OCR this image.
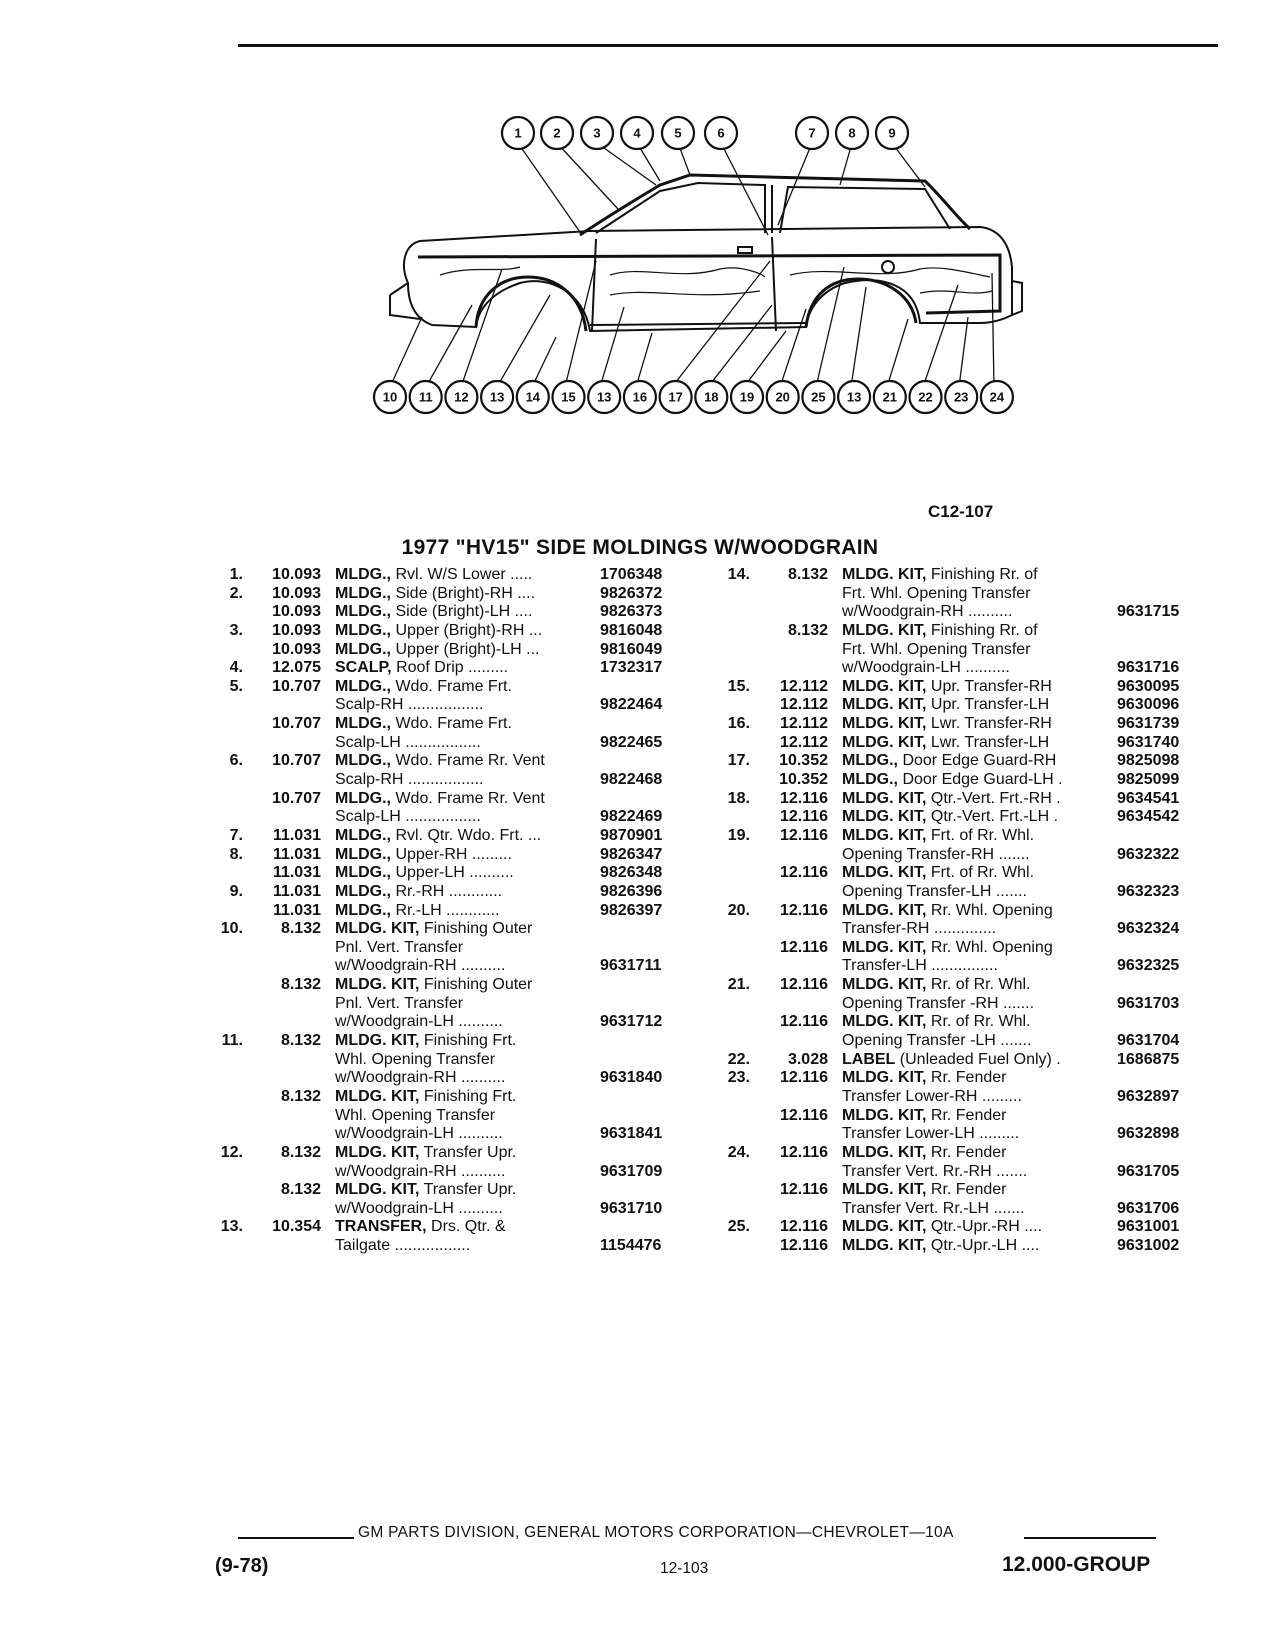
1 2	3	4	5	6	7	8	9
10 11 12 13 14 15 13 16 17 18 19 20 25 13 21 22 23 24
C12-107
1977 "HV15" SIDE MOLDINGS W/WOODGRAIN
1.	10.093 MLDG., Rvl. W/S Lower .....	1706348
2.	10.093 MLDG., Side (Bright)-RH ....	9826372
10.093 MLDG., Side (Bright)-LH ....	9826373
3.	10.093 MLDG., Upper (Bright)-RH ...	9816048
10.093 MLDG., Upper (Bright)-LH ...	9816049
4.	12.075 SCALP, Roof Drip .........	1732317
5.	10.707 MLDG., Wdo. Frame Frt.
Scalp-RH .................	9822464
10.707 MLDG., Wdo. Frame Frt.
Scalp-LH .................	9822465
6.	10.707 MLDG., Wdo. Frame Rr. Vent
Scalp-RH .................	9822468
10.707 MLDG., Wdo. Frame Rr. Vent
Scalp-LH .................	9822469
7.	11.031 MLDG., Rvl. Qtr. Wdo. Frt. ...	9870901
8.	11.031 MLDG., Upper-RH .........	9826347
11.031 MLDG., Upper-LH ..........	9826348
9.	11.031 MLDG., Rr.-RH ............	9826396
11.031 MLDG., Rr.-LH ............	9826397
10.	8.132 MLDG. KIT, Finishing Outer
Pnl. Vert. Transfer
w/Woodgrain-RH ..........	9631711
8.132 MLDG. KIT, Finishing Outer
Pnl. Vert. Transfer
w/Woodgrain-LH ..........	9631712
11.	8.132 MLDG. KIT, Finishing Frt.
Whl. Opening Transfer
w/Woodgrain-RH ..........	9631840
8.132 MLDG. KIT, Finishing Frt.
Whl. Opening Transfer
w/Woodgrain-LH ..........	9631841
12.	8.132 MLDG. KIT, Transfer Upr.
w/Woodgrain-RH ..........	9631709
8.132 MLDG. KIT, Transfer Upr.
w/Woodgrain-LH ..........	9631710
13.	10.354 TRANSFER, Drs. Qtr. &
Tailgate .................	1154476
14.	8.132 MLDG. KIT, Finishing Rr. of
Frt. Whl. Opening Transfer
w/Woodgrain-RH ..........	9631715
8.132 MLDG. KIT, Finishing Rr. of
Frt. Whl. Opening Transfer
w/Woodgrain-LH ..........	9631716
15.	12.112 MLDG. KIT, Upr. Transfer-RH	9630095
12.112 MLDG. KIT, Upr. Transfer-LH	9630096
16.	12.112 MLDG. KIT, Lwr. Transfer-RH	9631739
12.112 MLDG. KIT, Lwr. Transfer-LH	9631740
17.	10.352 MLDG., Door Edge Guard-RH	9825098
10.352 MLDG., Door Edge Guard-LH .	9825099
18.	12.116 MLDG. KIT, Qtr.-Vert. Frt.-RH .	9634541
12.116 MLDG. KIT, Qtr.-Vert. Frt.-LH .	9634542
19.	12.116 MLDG. KIT, Frt. of Rr. Whl.
Opening Transfer-RH .......	9632322
12.116 MLDG. KIT, Frt. of Rr. Whl.
Opening Transfer-LH .......	9632323
20.	12.116 MLDG. KIT, Rr. Whl. Opening
Transfer-RH ..............	9632324
12.116 MLDG. KIT, Rr. Whl. Opening
Transfer-LH ...............	9632325
21.	12.116 MLDG. KIT, Rr. of Rr. Whl.
Opening Transfer -RH .......	9631703
12.116 MLDG. KIT, Rr. of Rr. Whl.
Opening Transfer -LH .......	9631704
22.	3.028 LABEL (Unleaded Fuel Only) .	1686875
23.	12.116 MLDG. KIT, Rr. Fender
Transfer Lower-RH .........	9632897
12.116 MLDG. KIT, Rr. Fender
Transfer Lower-LH .........	9632898
24.	12.116 MLDG. KIT, Rr. Fender
Transfer Vert. Rr.-RH .......	9631705
12.116 MLDG. KIT, Rr. Fender
Transfer Vert. Rr.-LH .......	9631706
25.	12.116 MLDG. KIT, Qtr.-Upr.-RH ....	9631001
12.116 MLDG. KIT, Qtr.-Upr.-LH ....	9631002
GM PARTS DIVISION, GENERAL MOTORS CORPORATION—CHEVROLET—10A
(9-78)	12-103	12.000-GROUP
